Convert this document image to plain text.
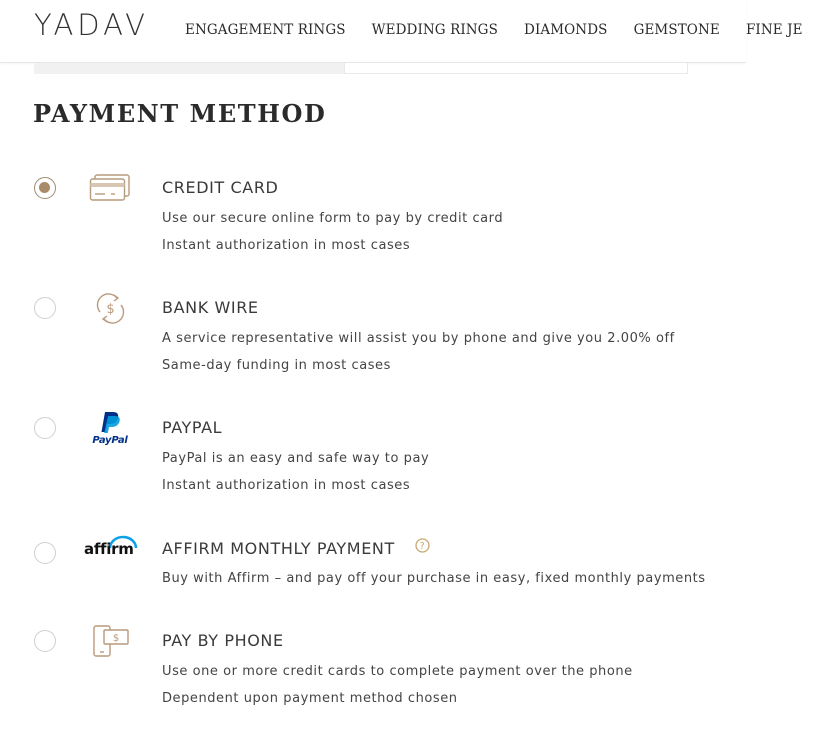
YADAV	ENGAGEMENT RINGS WEDDING RINGS DIAMONDS GEMSTONE FINE JE
PAYMENT METHOD
CREDIT CARD
Use our secure online form to pay by credit card
Instant authorization in most cases
$	BANK WIRE
A service representative will assist you by phone and give you 2.00% off
Same-day funding in most cases
PayPal
PAYPAL
PayPal is an easy and safe way to pay
Instant authorization in most cases
affirm AFFIRM MONTHLY PAYMENT	?
Buy with Affirm – and pay off your purchase in easy, fixed monthly payments
$	PAY BY PHONE
Use one or more credit cards to complete payment over the phone
Dependent upon payment method chosen
